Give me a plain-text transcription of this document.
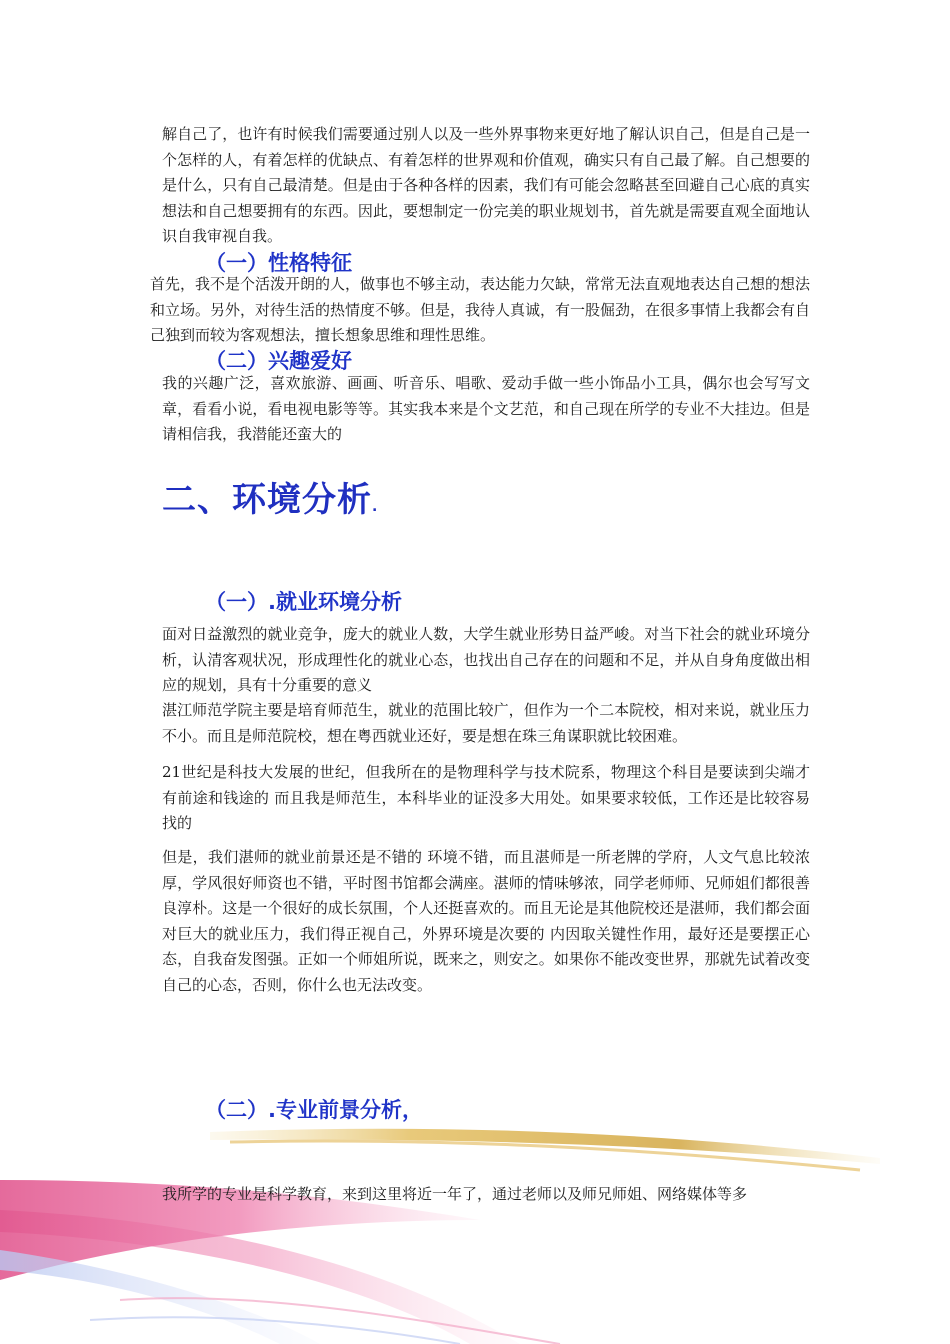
解自己了，也许有时候我们需要通过别人以及一些外界事物来更好地了解认识自己，但是自己是一个怎样的人，有着怎样的优缺点、有着怎样的世界观和价值观，确实只有自己最了解。自己想要的是什么，只有自己最清楚。但是由于各种各样的因素，我们有可能会忽略甚至回避自己心底的真实想法和自己想要拥有的东西。因此，要想制定一份完美的职业规划书，首先就是需要直观全面地认识自我审视自我。

（一）性格特征

首先，我不是个活泼开朗的人，做事也不够主动，表达能力欠缺，常常无法直观地表达自己想的想法和立场。另外，对待生活的热情度不够。但是，我待人真诚，有一股倔劲，在很多事情上我都会有自己独到而较为客观想法，擅长想象思维和理性思维。

（二）兴趣爱好

我的兴趣广泛，喜欢旅游、画画、听音乐、唱歌、爱动手做一些小饰品小工具，偶尔也会写写文章，看看小说，看电视电影等等。其实我本来是个文艺范，和自己现在所学的专业不大挂边。但是请相信我，我潜能还蛮大的

二、环境分析.
（一）.就业环境分析

面对日益激烈的就业竞争，庞大的就业人数，大学生就业形势日益严峻。对当下社会的就业环境分析，认清客观状况，形成理性化的就业心态，也找出自己存在的问题和不足，并从自身角度做出相应的规划，具有十分重要的意义

湛江师范学院主要是培育师范生，就业的范围比较广，但作为一个二本院校，相对来说，就业压力不小。而且是师范院校，想在粤西就业还好，要是想在珠三角谋职就比较困难。

21世纪是科技大发展的世纪，但我所在的是物理科学与技术院系，物理这个科目是要读到尖端才有前途和钱途的 而且我是师范生，本科毕业的证没多大用处。如果要求较低，工作还是比较容易找的

但是，我们湛师的就业前景还是不错的 环境不错，而且湛师是一所老牌的学府，人文气息比较浓厚，学风很好师资也不错，平时图书馆都会满座。湛师的情味够浓，同学老师师、兄师姐们都很善良淳朴。这是一个很好的成长氛围，个人还挺喜欢的。而且无论是其他院校还是湛师，我们都会面对巨大的就业压力，我们得正视自己，外界环境是次要的 内因取关键性作用，最好还是要摆正心态，自我奋发图强。正如一个师姐所说，既来之，则安之。如果你不能改变世界，那就先试着改变自己的心态，否则，你什么也无法改变。

（二）.专业前景分析，

我所学的专业是科学教育，来到这里将近一年了，通过老师以及师兄师姐、网络媒体等多
